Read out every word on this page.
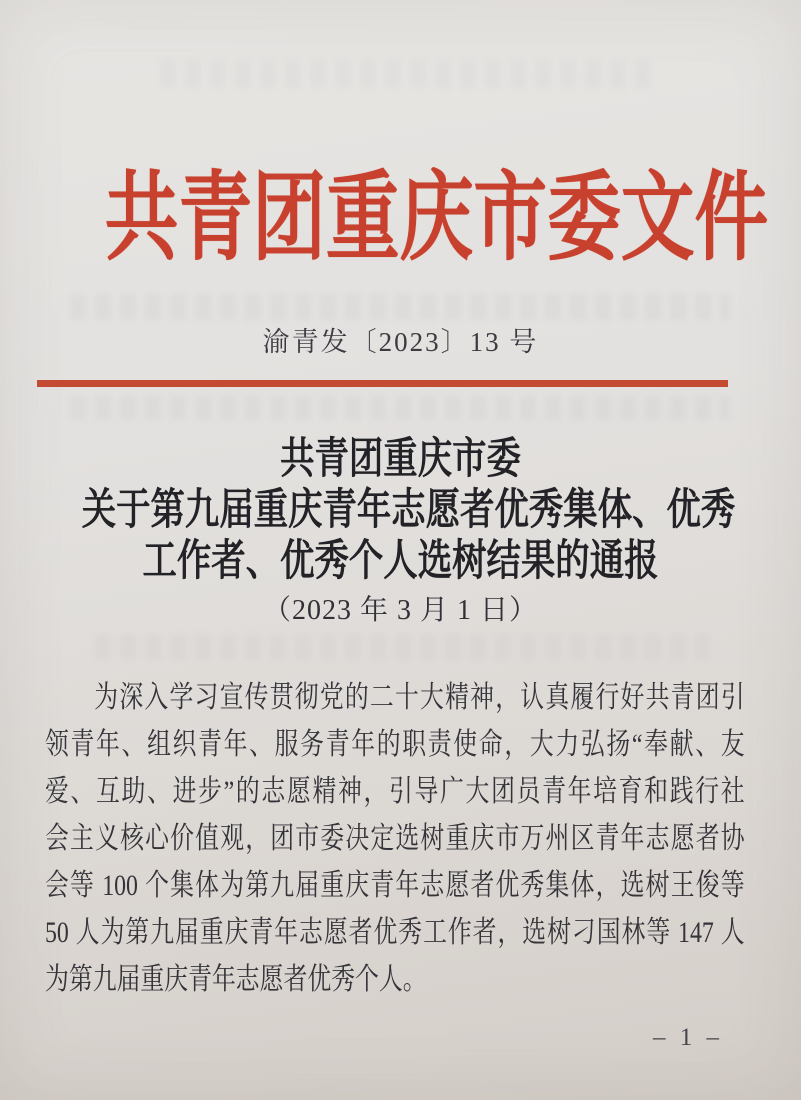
共青团重庆市委文件
渝青发〔2023〕13 号
共青团重庆市委
关于第九届重庆青年志愿者优秀集体、优秀
工作者、优秀个人选树结果的通报
（2023 年 3 月 1 日）
为深入学习宣传贯彻党的二十大精神，认真履行好共青团引
领青年、组织青年、服务青年的职责使命，大力弘扬“奉献、友
爱、互助、进步”的志愿精神，引导广大团员青年培育和践行社
会主义核心价值观，团市委决定选树重庆市万州区青年志愿者协
会等 100 个集体为第九届重庆青年志愿者优秀集体，选树王俊等
50 人为第九届重庆青年志愿者优秀工作者，选树刁国林等 147 人
为第九届重庆青年志愿者优秀个人。
– 1 –
